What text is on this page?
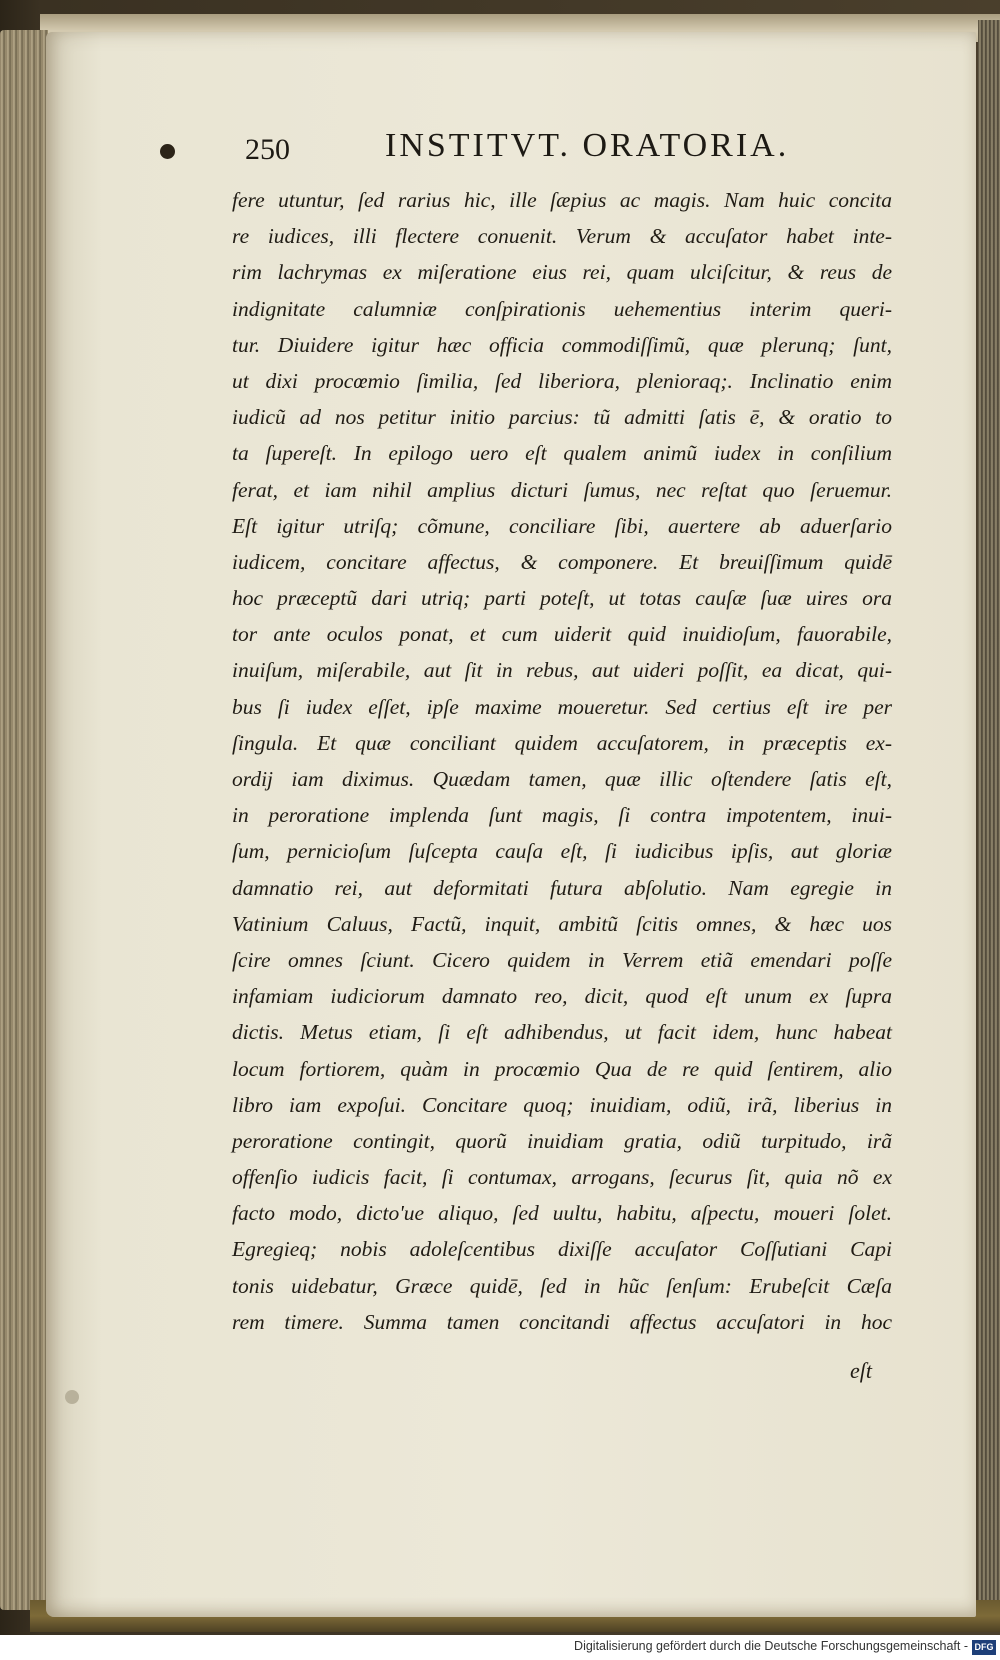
250	INSTITVT. ORATORIA.
fere utuntur, ſed rarius hic, ille ſæpius ac magis. Nam huic concita
re iudices, illi flectere conuenit. Verum & accuſator habet inte-
rim lachrymas ex miſeratione eius rei, quam ulciſcitur, & reus de
indignitate calumniæ conſpirationis uehementius interim queri-
tur. Diuidere igitur hæc officia commodiſſimũ, quæ plerunq; ſunt,
ut dixi procœmio ſimilia, ſed liberiora, plenioraq;. Inclinatio enim
iudicũ ad nos petitur initio parcius: tũ admitti ſatis ē, & oratio to
ta ſupereſt. In epilogo uero eſt qualem animũ iudex in conſilium
ferat, et iam nihil amplius dicturi ſumus, nec reſtat quo ſeruemur.
Eſt igitur utriſq; cõmune, conciliare ſibi, auertere ab aduerſario
iudicem, concitare affectus, & componere. Et breuiſſimum quidē
hoc præceptũ dari utriq; parti poteſt, ut totas cauſæ ſuæ uires ora
tor ante oculos ponat, et cum uiderit quid inuidioſum, fauorabile,
inuiſum, miſerabile, aut ſit in rebus, aut uideri poſſit, ea dicat, qui-
bus ſi iudex eſſet, ipſe maxime moueretur. Sed certius eſt ire per
ſingula. Et quæ conciliant quidem accuſatorem, in præceptis ex-
ordij iam diximus. Quædam tamen, quæ illic oſtendere ſatis eſt,
in peroratione implenda ſunt magis, ſi contra impotentem, inui-
ſum, pernicioſum ſuſcepta cauſa eſt, ſi iudicibus ipſis, aut gloriæ
damnatio rei, aut deformitati futura abſolutio. Nam egregie in
Vatinium Caluus, Factũ, inquit, ambitũ ſcitis omnes, & hæc uos
ſcire omnes ſciunt. Cicero quidem in Verrem etiã emendari poſſe
infamiam iudiciorum damnato reo, dicit, quod eſt unum ex ſupra
dictis. Metus etiam, ſi eſt adhibendus, ut facit idem, hunc habeat
locum fortiorem, quàm in procœmio Qua de re quid ſentirem, alio
libro iam expoſui. Concitare quoq; inuidiam, odiũ, irã, liberius in
peroratione contingit, quorũ inuidiam gratia, odiũ turpitudo, irã
offenſio iudicis facit, ſi contumax, arrogans, ſecurus ſit, quia nõ ex
facto modo, dicto'ue aliquo, ſed uultu, habitu, aſpectu, moueri ſolet.
Egregieq; nobis adoleſcentibus dixiſſe accuſator Coſſutiani Capi
tonis uidebatur, Græce quidē, ſed in hũc ſenſum: Erubeſcit Cæſa
rem timere. Summa tamen concitandi affectus accuſatori in hoc
eſt
Digitalisierung gefördert durch die Deutsche Forschungsgemeinschaft - DFG
